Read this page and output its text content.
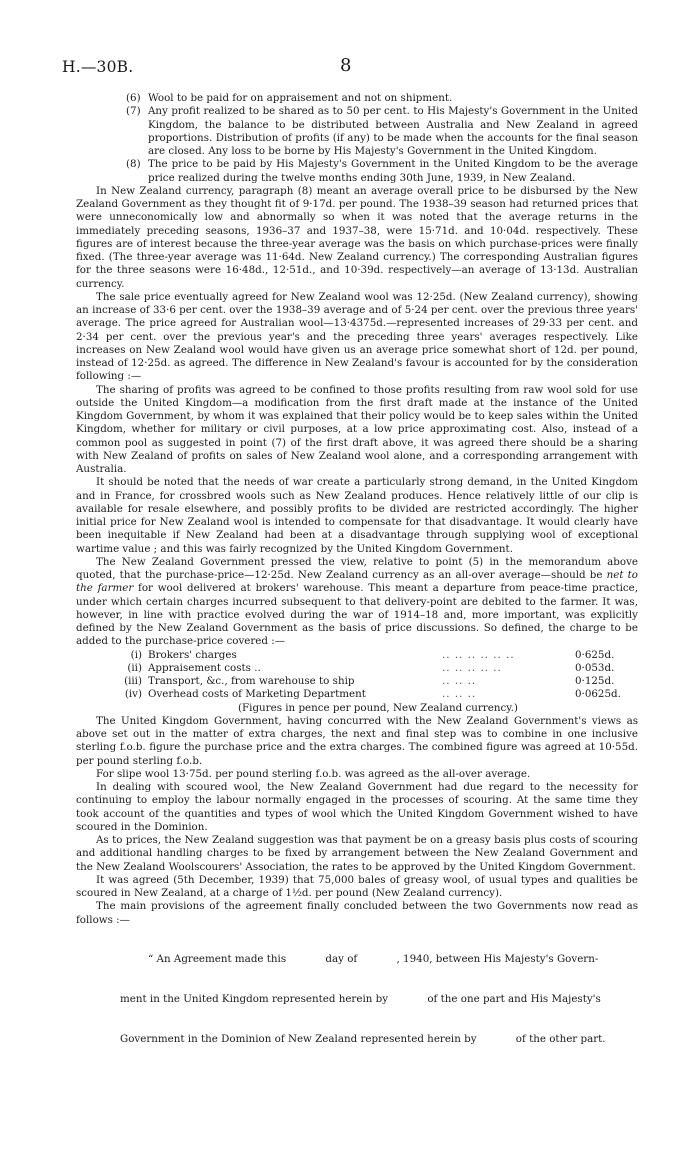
H.—30B.	8
(6) Wool to be paid for on appraisement and not on shipment.
(7) Any profit realized to be shared as to 50 per cent. to His Majesty's Government in the United Kingdom, the balance to be distributed between Australia and New Zealand in agreed proportions. Distribution of profits (if any) to be made when the accounts for the final season are closed. Any loss to be borne by His Majesty's Government in the United Kingdom.
(8) The price to be paid by His Majesty's Government in the United Kingdom to be the average price realized during the twelve months ending 30th June, 1939, in New Zealand.

In New Zealand currency, paragraph (8) meant an average overall price to be disbursed by the New Zealand Government as they thought fit of 9·17d. per pound. The 1938–39 season had returned prices that were unneconomically low and abnormally so when it was noted that the average returns in the immediately preceding seasons, 1936–37 and 1937–38, were 15·71d. and 10·04d. respectively. These figures are of interest because the three-year average was the basis on which purchase-prices were finally fixed. (The three-year average was 11·64d. New Zealand currency.) The corresponding Australian figures for the three seasons were 16·48d., 12·51d., and 10·39d. respectively—an average of 13·13d. Australian currency.

The sale price eventually agreed for New Zealand wool was 12·25d. (New Zealand currency), showing an increase of 33·6 per cent. over the 1938–39 average and of 5·24 per cent. over the previous three years' average. The price agreed for Australian wool—13·4375d.—represented increases of 29·33 per cent. and 2·34 per cent. over the previous year's and the preceding three years' averages respectively. Like increases on New Zealand wool would have given us an average price somewhat short of 12d. per pound, instead of 12·25d. as agreed. The difference in New Zealand's favour is accounted for by the consideration following :—

The sharing of profits was agreed to be confined to those profits resulting from raw wool sold for use outside the United Kingdom—a modification from the first draft made at the instance of the United Kingdom Government, by whom it was explained that their policy would be to keep sales within the United Kingdom, whether for military or civil purposes, at a low price approximating cost. Also, instead of a common pool as suggested in point (7) of the first draft above, it was agreed there should be a sharing with New Zealand of profits on sales of New Zealand wool alone, and a corresponding arrangement with Australia.

It should be noted that the needs of war create a particularly strong demand, in the United Kingdom and in France, for crossbred wools such as New Zealand produces. Hence relatively little of our clip is available for resale elsewhere, and possibly profits to be divided are restricted accordingly. The higher initial price for New Zealand wool is intended to compensate for that disadvantage. It would clearly have been inequitable if New Zealand had been at a disadvantage through supplying wool of exceptional wartime value ; and this was fairly recognized by the United Kingdom Government.

The New Zealand Government pressed the view, relative to point (5) in the memorandum above quoted, that the purchase-price—12·25d. New Zealand currency as an all-over average—should be net to the farmer for wool delivered at brokers' warehouse. This meant a departure from peace-time practice, under which certain charges incurred subsequent to that delivery-point are debited to the farmer. It was, however, in line with practice evolved during the war of 1914–18 and, more important, was explicitly defined by the New Zealand Government as the basis of price discussions. So defined, the charge to be added to the purchase-price covered :—

(i) Brokers' charges	.. .. .. .. .. ..	0·625d.
(ii) Appraisement costs ..	.. .. .. .. ..	0·053d.
(iii) Transport, &c., from warehouse to ship	.. .. ..	0·125d.
(iv) Overhead costs of Marketing Department	.. .. ..	0·0625d.
(Figures in pence per pound, New Zealand currency.)

The United Kingdom Government, having concurred with the New Zealand Government's views as above set out in the matter of extra charges, the next and final step was to combine in one inclusive sterling f.o.b. figure the purchase price and the extra charges. The combined figure was agreed at 10·55d. per pound sterling f.o.b.

For slipe wool 13·75d. per pound sterling f.o.b. was agreed as the all-over average.

In dealing with scoured wool, the New Zealand Government had due regard to the necessity for continuing to employ the labour normally engaged in the processes of scouring. At the same time they took account of the quantities and types of wool which the United Kingdom Government wished to have scoured in the Dominion.

As to prices, the New Zealand suggestion was that payment be on a greasy basis plus costs of scouring and additional handling charges to be fixed by arrangement between the New Zealand Government and the New Zealand Woolscourers' Association, the rates to be approved by the United Kingdom Government.

It was agreed (5th December, 1939) that 75,000 bales of greasy wool, of usual types and qualities be scoured in New Zealand, at a charge of 1½d. per pound (New Zealand currency).

The main provisions of the agreement finally concluded between the two Governments now read as follows :—

“ An Agreement made this            day of            , 1940, between His Majesty's Govern-

ment in the United Kingdom represented herein by            of the one part and His Majesty's

Government in the Dominion of New Zealand represented herein by            of the other part.
